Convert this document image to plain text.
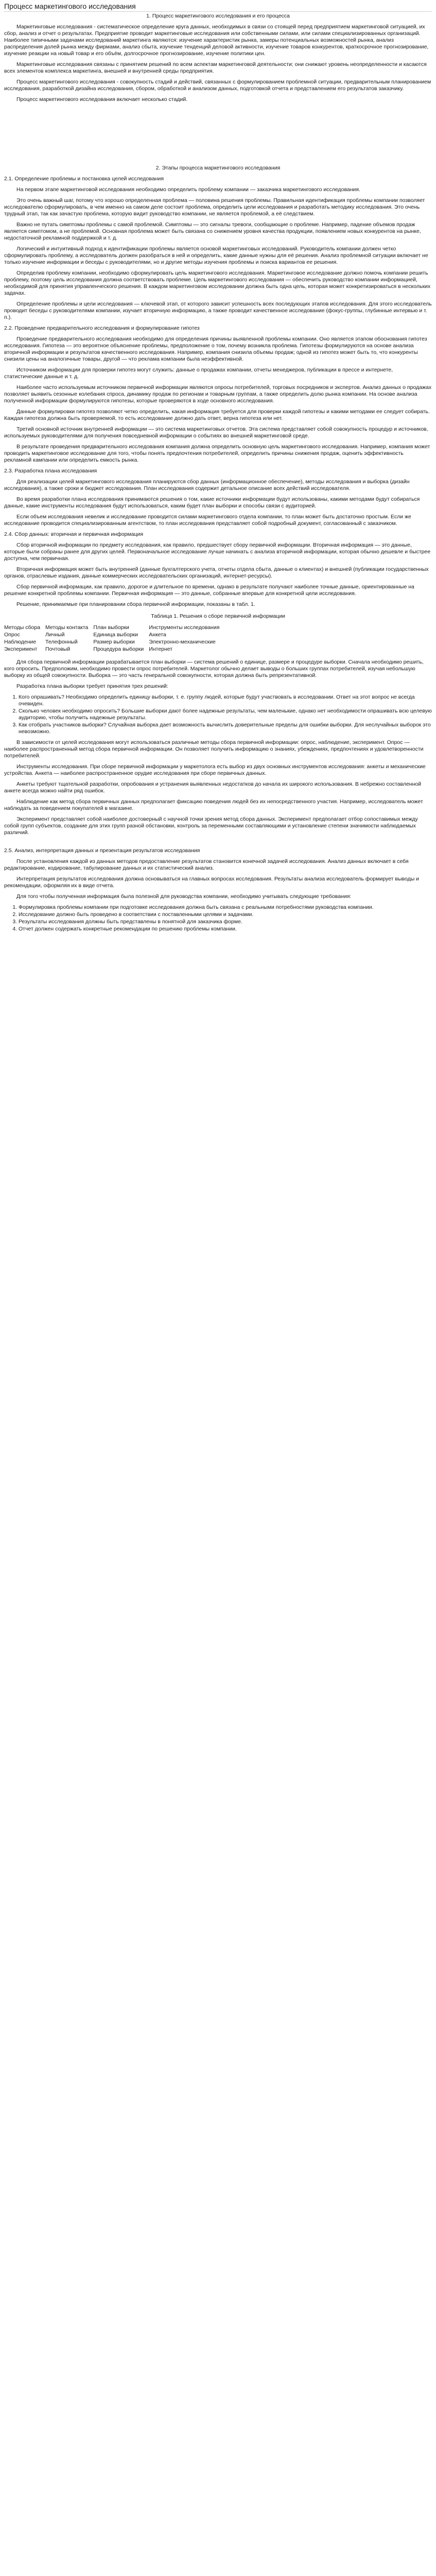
Процесс маркетингового исследования

1. Процесс маркетингового исследования и его процесса

Маркетинговые исследования - систематическое определение круга данных, необходимых в связи со стоящей перед предприятием маркетинговой ситуацией, их сбор, анализ и отчет о результатах. Предприятие проводит маркетинговые исследования или собственными силами, или силами специализированных организаций. Наиболее типичными задачами исследований маркетинга являются: изучение характеристик рынка, замеры потенциальных возможностей рынка, анализ распределения долей рынка между фирмами, анализ сбыта, изучение тенденций деловой активности, изучение товаров конкурентов, краткосрочное прогнозирование, изучение реакции на новый товар и его объём, долгосрочное прогнозирование, изучение политики цен.

Маркетинговые исследования связаны с принятием решений по всем аспектам маркетинговой деятельности; они снижают уровень неопределенности и касаются всех элементов комплекса маркетинга, внешней и внутренней среды предприятия.

Процесс маркетингового исследования - совокупность стадий и действий, связанных с формулированием проблемной ситуации, предварительным планированием исследования, разработкой дизайна исследования, сбором, обработкой и анализом данных, подготовкой отчета и представлением его результатов заказчику.

Процесс маркетингового исследования включает несколько стадий.

2. Этапы процесса маркетингового исследования

2.1. Определение проблемы и постановка целей исследования

На первом этапе маркетинговой исследования необходимо определить проблему компании — заказчика маркетингового исследования.

Это очень важный шаг, потому что хорошо определенная проблема — половина решения проблемы. Правильная идентификация проблемы компании позволяет исследователю сформулировать, в чем именно на самом деле состоит проблема, определить цели исследования и разработать методику исследования. Это очень трудный этап, так как зачастую проблема, которую видит руководство компании, не является проблемой, а её следствием.

Важно не путать симптомы проблемы с самой проблемой. Симптомы — это сигналы тревоги, сообщающие о проблеме. Например, падение объемов продаж является симптомом, а не проблемой. Основная проблема может быть связана со снижением уровня качества продукции, появлением новых конкурентов на рынке, недостаточной рекламной поддержкой и т. д.

Логический и интуитивный подход к идентификации проблемы является основой маркетинговых исследований. Руководитель компании должен четко сформулировать проблему, а исследователь должен разобраться в ней и определить, какие данные нужны для её решения. Анализ проблемной ситуации включает не только изучение информации и беседы с руководителями, но и другие методы изучения проблемы и поиска вариантов ее решения.

Определив проблему компании, необходимо сформулировать цель маркетингового исследования. Маркетинговое исследование должно помочь компании решить проблему, поэтому цель исследования должна соответствовать проблеме. Цель маркетингового исследования — обеспечить руководство компании информацией, необходимой для принятия управленческого решения. В каждом маркетинговом исследовании должна быть одна цель, которая может конкретизироваться в нескольких задачах.

Определение проблемы и цели исследования — ключевой этап, от которого зависит успешность всех последующих этапов исследования. Для этого исследователь проводит беседы с руководителями компании, изучает вторичную информацию, а также проводит качественное исследование (фокус-группы, глубинные интервью и т. п.).

2.2. Проведение предварительного исследования и формулирование гипотез

Проведение предварительного исследования необходимо для определения причины выявленной проблемы компании. Оно является этапом обоснования гипотез исследования. Гипотеза — это вероятное объяснение проблемы, предположение о том, почему возникла проблема. Гипотезы формулируются на основе анализа вторичной информации и результатов качественного исследования. Например, компания снизила объемы продаж; одной из гипотез может быть то, что конкуренты снизили цены на аналогичные товары, другой — что реклама компании была неэффективной.

Источником информации для проверки гипотез могут служить: данные о продажах компании, отчеты менеджеров, публикации в прессе и интернете, статистические данные и т. д.

Наиболее часто используемым источником первичной информации являются опросы потребителей, торговых посредников и экспертов. Анализ данных о продажах позволяет выявить сезонные колебания спроса, динамику продаж по регионам и товарным группам, а также определить долю рынка компании. На основе анализа полученной информации формулируются гипотезы, которые проверяются в ходе основного исследования.

Данные формулировки гипотез позволяют четко определить, какая информация требуется для проверки каждой гипотезы и какими методами ее следует собирать. Каждая гипотеза должна быть проверяемой, то есть исследование должно дать ответ, верна гипотеза или нет.

Третий основной источник внутренней информации — это система маркетинговых отчетов. Эта система представляет собой совокупность процедур и источников, используемых руководителями для получения повседневной информации о событиях во внешней маркетинговой среде.

В результате проведения предварительного исследования компания должна определить основную цель маркетингового исследования. Например, компания может проводить маркетинговое исследование для того, чтобы понять предпочтения потребителей, определить причины снижения продаж, оценить эффективность рекламной кампании или определить емкость рынка.

2.3. Разработка плана исследования

Для реализации целей маркетингового исследования планируются сбор данных (информационное обеспечение), методы исследования и выборка (дизайн исследования), а также сроки и бюджет исследования. План исследования содержит детальное описание всех действий исследователя.

Во время разработки плана исследования принимаются решения о том, какие источники информации будут использованы, какими методами будут собираться данные, какие инструменты исследования будут использоваться, каким будет план выборки и способы связи с аудиторией.

Если объем исследования невелик и исследование проводится силами маркетингового отдела компании, то план может быть достаточно простым. Если же исследование проводится специализированным агентством, то план исследования представляет собой подробный документ, согласованный с заказчиком.

2.4. Сбор данных: вторичная и первичная информация

Сбор вторичной информации по предмету исследования, как правило, предшествует сбору первичной информации. Вторичная информация — это данные, которые были собраны ранее для других целей. Первоначальное исследование лучше начинать с анализа вторичной информации, которая обычно дешевле и быстрее доступна, чем первичная.

Вторичная информация может быть внутренней (данные бухгалтерского учета, отчеты отдела сбыта, данные о клиентах) и внешней (публикации государственных органов, отраслевые издания, данные коммерческих исследовательских организаций, интернет-ресурсы).

Сбор первичной информации, как правило, дорогое и длительное по времени, однако в результате получают наиболее точные данные, ориентированные на решение конкретной проблемы компании. Первичная информация — это данные, собранные впервые для конкретной цели исследования.

Решение, принимаемые при планировании сбора первичной информации, показаны в табл. 1.

Таблица 1. Решения о сборе первичной информации

Методы сбора	Методы контакта	План выборки	Инструменты исследования
Опрос	Личный	Единица выборки	Анкета
Наблюдение	Телефонный	Размер выборки	Электронно-механические
Эксперимент	Почтовый	Процедура выборки	Интернет

Для сбора первичной информации разрабатывается план выборки — система решений о единице, размере и процедуре выборки. Сначала необходимо решить, кого опросить. Предположим, необходимо провести опрос потребителей. Маркетолог обычно делает выводы о больших группах потребителей, изучая небольшую выборку из общей совокупности. Выборка — это часть генеральной совокупности, которая должна быть репрезентативной.

Разработка плана выборки требует принятия трех решений:

1. Кого опрашивать? Необходимо определить единицу выборки, т. е. группу людей, которые будут участвовать в исследовании. Ответ на этот вопрос не всегда очевиден.
2. Сколько человек необходимо опросить? Большие выборки дают более надежные результаты, чем маленькие, однако нет необходимости опрашивать всю целевую аудиторию, чтобы получить надежные результаты.
3. Как отобрать участников выборки? Случайная выборка дает возможность вычислить доверительные пределы для ошибки выборки. Для неслучайных выборок это невозможно.

В зависимости от целей исследования могут использоваться различные методы сбора первичной информации: опрос, наблюдение, эксперимент. Опрос — наиболее распространенный метод сбора первичной информации. Он позволяет получить информацию о знаниях, убеждениях, предпочтениях и удовлетворенности потребителей.

Инструменты исследования. При сборе первичной информации у маркетолога есть выбор из двух основных инструментов исследования: анкеты и механические устройства. Анкета — наиболее распространенное орудие исследования при сборе первичных данных.

Анкеты требуют тщательной разработки, опробования и устранения выявленных недостатков до начала их широкого использования. В небрежно составленной анкете всегда можно найти ряд ошибок.

Наблюдение как метод сбора первичных данных предполагает фиксацию поведения людей без их непосредственного участия. Например, исследователь может наблюдать за поведением покупателей в магазине.

Эксперимент представляет собой наиболее достоверный с научной точки зрения метод сбора данных. Эксперимент предполагает отбор сопоставимых между собой групп субъектов, создание для этих групп разной обстановки, контроль за переменными составляющими и установление степени значимости наблюдаемых различий.

2.5. Анализ, интерпретация данных и презентация результатов исследования

После установления каждой из данных методов предоставление результатов становится конечной задачей исследования. Анализ данных включает в себя редактирование, кодирование, табулирование данных и их статистический анализ.

Интерпретация результатов исследования должна основываться на главных вопросах исследования. Результаты анализа исследователь формирует выводы и рекомендации, оформляя их в виде отчета.

Для того чтобы полученная информация была полезной для руководства компании, необходимо учитывать следующие требования:

1. Формулировка проблемы компании при подготовке исследования должна быть связана с реальными потребностями руководства компании.
2. Исследование должно быть проведено в соответствии с поставленными целями и задачами.
3. Результаты исследования должны быть представлены в понятной для заказчика форме.
4. Отчет должен содержать конкретные рекомендации по решению проблемы компании.
